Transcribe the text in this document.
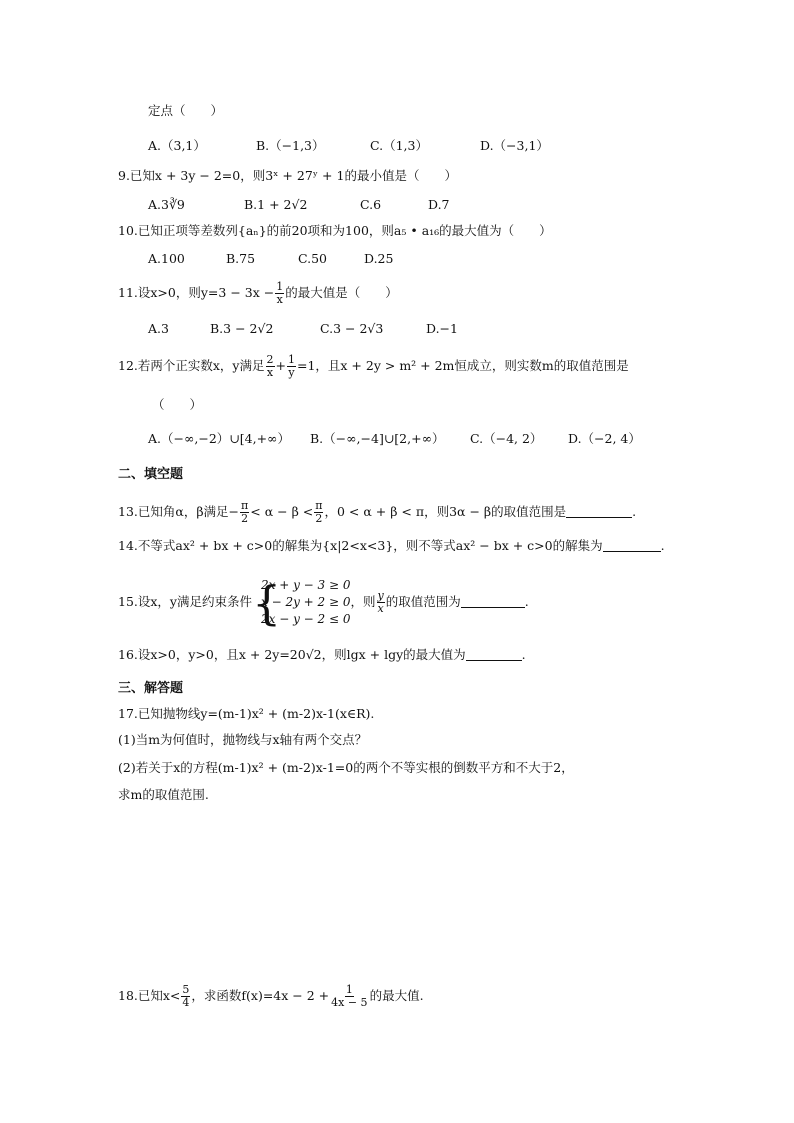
定点（　　）
A.（3,1）	B.（−1,3）	C.（1,3）	D.（−3,1）
9.已知x + 3y − 2=0，则3ˣ + 27ʸ + 1的最小值是（　　）
A.3∛9	B.1 + 2√2	C.6	D.7
10.已知正项等差数列{aₙ}的前20项和为100，则a₅ • a₁₆的最大值为（　　）
A.100	B.75	C.50	D.25
11.设x>0，则$y=3 - 3x - \frac{1}{x}$ 的最大值是（　　）
A.3	B.3 − 2√2	C.3 − 2√3	D.−1
12.若两个正实数x，y满足 $\frac{2}{x} + \frac{1}{y} =1$，且x + 2y > m² + 2m恒成立，则实数m的取值范围是
（　　）
A.（−∞,−2）∪[4,+∞） B.（−∞,−4]∪[2,+∞） C.（−4, 2） D.（−2, 4）
二、填空题
13.已知角α，β满足− $\frac{\pi}{2} < \alpha - \beta < \frac{\pi}{2}$ ，0 < α + β < π，则3α − β的取值范围是	.
14.不等式ax² + bx + c>0的解集为{x|2<x<3}，则不等式ax² − bx + c>0的解集为	.
15.设x，y满足约束条件 {
2x + y − 3 ≥ 0
x − 2y + 2 ≥ 0
2x − y − 2 ≤ 0
，则 $\frac{y}{x}$ 的取值范围为	.
16.设x>0，y>0，且x + 2y=20√2，则lgx + lgy的最大值为	.
三、解答题
17.已知抛物线y=(m-1)x² + (m-2)x-1(x∈R).
(1)当m为何值时，抛物线与x轴有两个交点？
(2)若关于x的方程(m-1)x² + (m-2)x-1=0的两个不等实根的倒数平方和不大于2，
求m的取值范围.
18.已知$x< \frac{5}{4}$ ，求函数$f(x)=4x - 2 + \frac{1}{4x - 5}$ 的最大值.
